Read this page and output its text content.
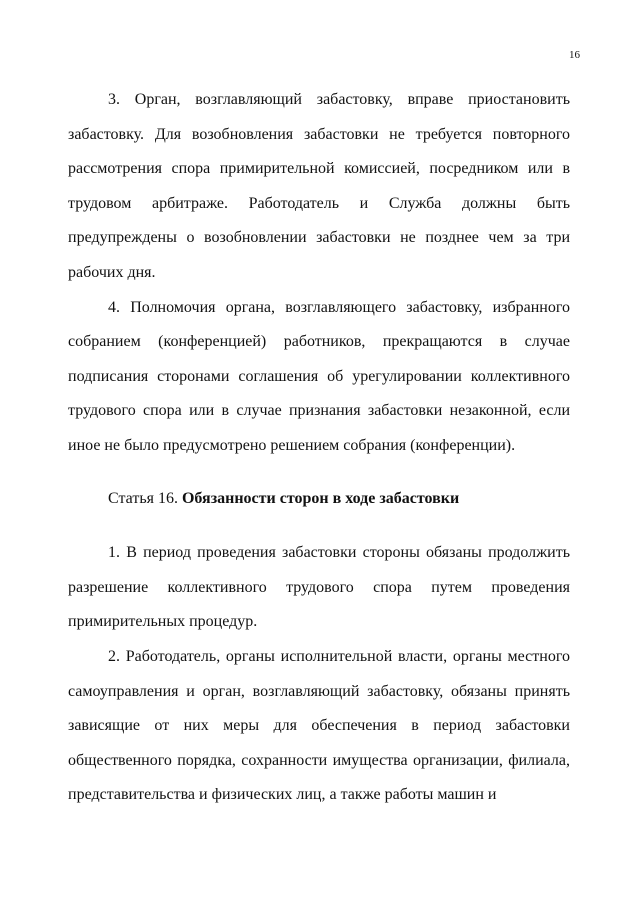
16

3. Орган, возглавляющий забастовку, вправе приостановить забастовку. Для возобновления забастовки не требуется повторного рассмотрения спора примирительной комиссией, посредником или в трудовом арбитраже. Работодатель и Служба должны быть предупреждены о возобновлении забастовки не позднее чем за три рабочих дня.

4. Полномочия органа, возглавляющего забастовку, избранного собранием (конференцией) работников, прекращаются в случае подписания сторонами соглашения об урегулировании коллективного трудового спора или в случае признания забастовки незаконной, если иное не было предусмотрено решением собрания (конференции).

Статья 16. Обязанности сторон в ходе забастовки

1. В период проведения забастовки стороны обязаны продолжить разрешение коллективного трудового спора путем проведения примирительных процедур.

2. Работодатель, органы исполнительной власти, органы местного самоуправления и орган, возглавляющий забастовку, обязаны принять зависящие от них меры для обеспечения в период забастовки общественного порядка, сохранности имущества организации, филиала, представительства и физических лиц, а также работы машин и
